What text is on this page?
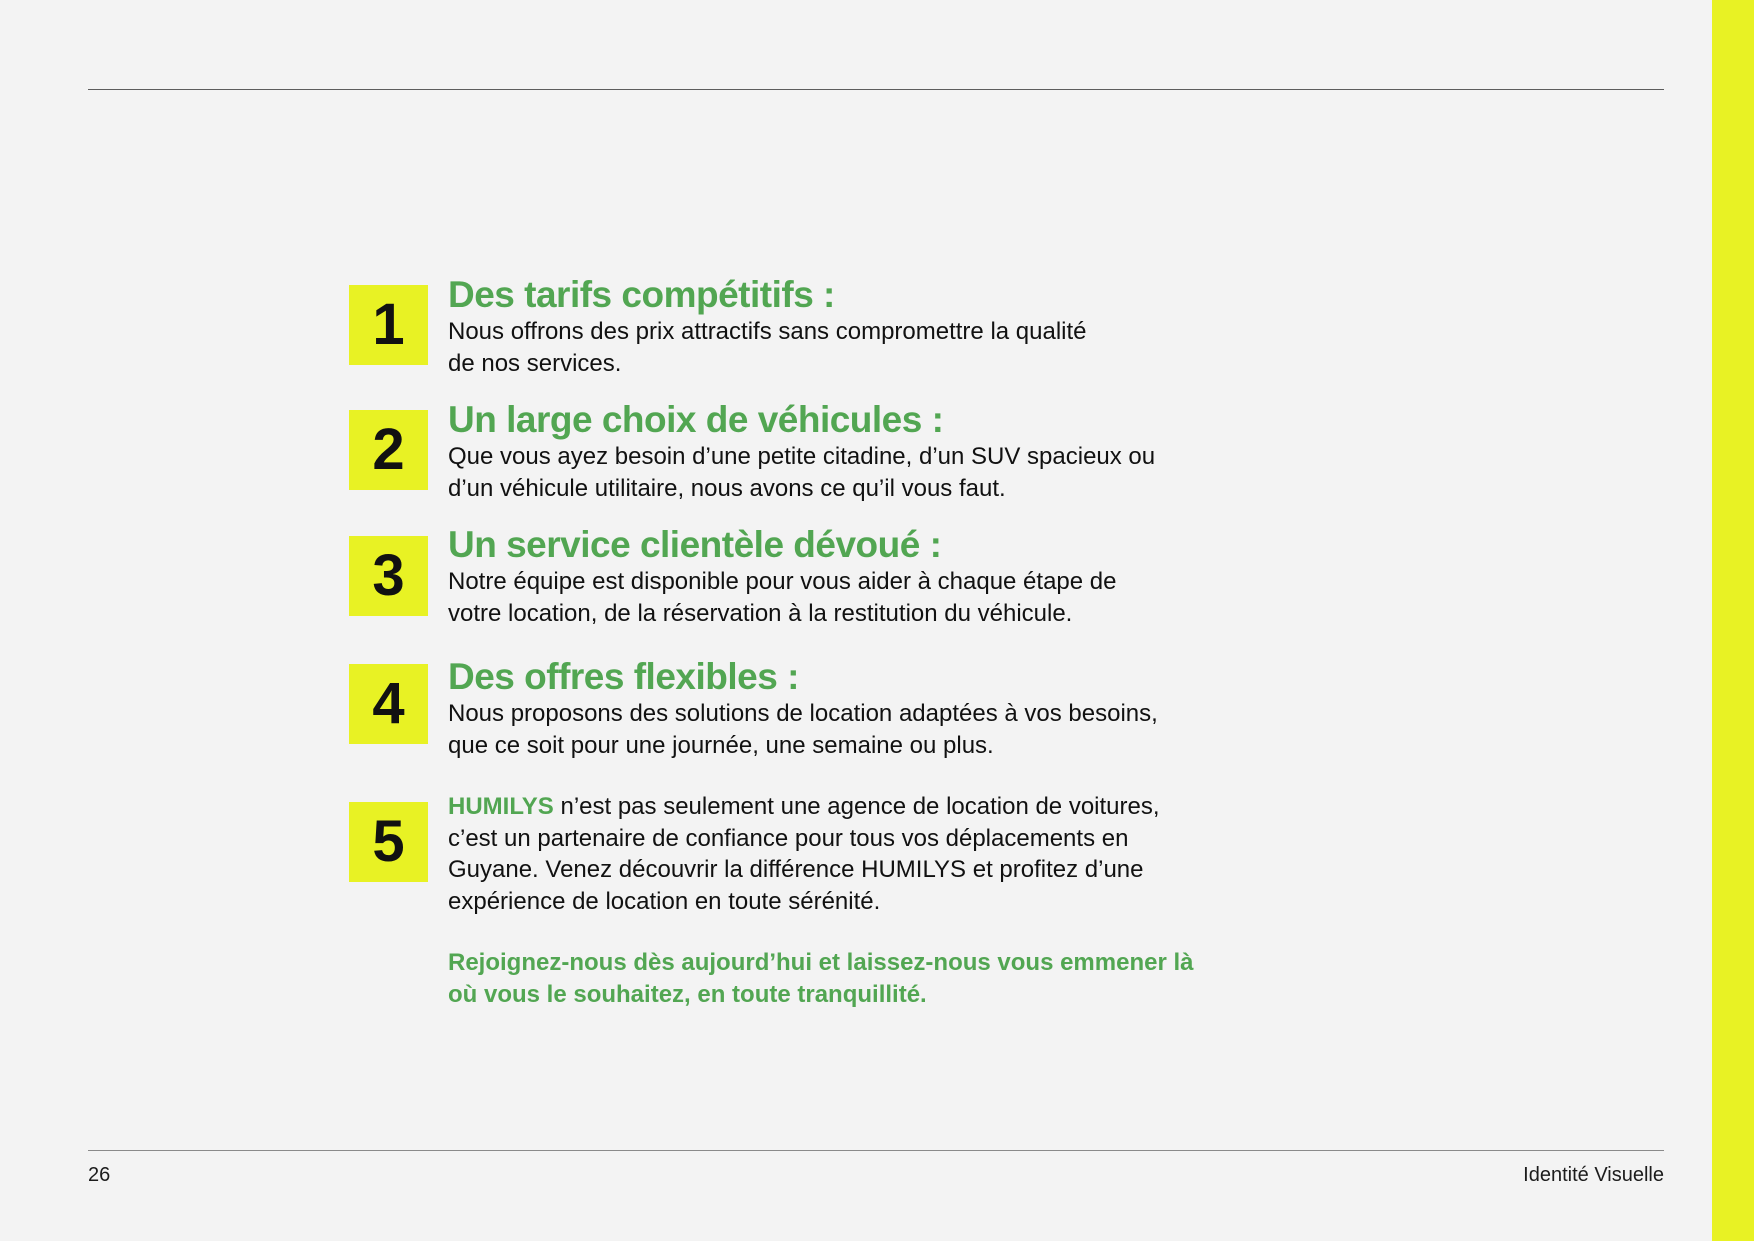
1	Des tarifs compétitifs :
Nous offrons des prix attractifs sans compromettre la qualité
de nos services.
2	Un large choix de véhicules :
Que vous ayez besoin d’une petite citadine, d’un SUV spacieux ou
d’un véhicule utilitaire, nous avons ce qu’il vous faut.
3	Un service clientèle dévoué :
Notre équipe est disponible pour vous aider à chaque étape de
votre location, de la réservation à la restitution du véhicule.
4	Des offres flexibles :
Nous proposons des solutions de location adaptées à vos besoins,
que ce soit pour une journée, une semaine ou plus.
5
HUMILYS n’est pas seulement une agence de location de voitures,
c’est un partenaire de confiance pour tous vos déplacements en
Guyane. Venez découvrir la différence HUMILYS et profitez d’une
expérience de location en toute sérénité.
Rejoignez-nous dès aujourd’hui et laissez-nous vous emmener là
où vous le souhaitez, en toute tranquillité.
26	Identité Visuelle
